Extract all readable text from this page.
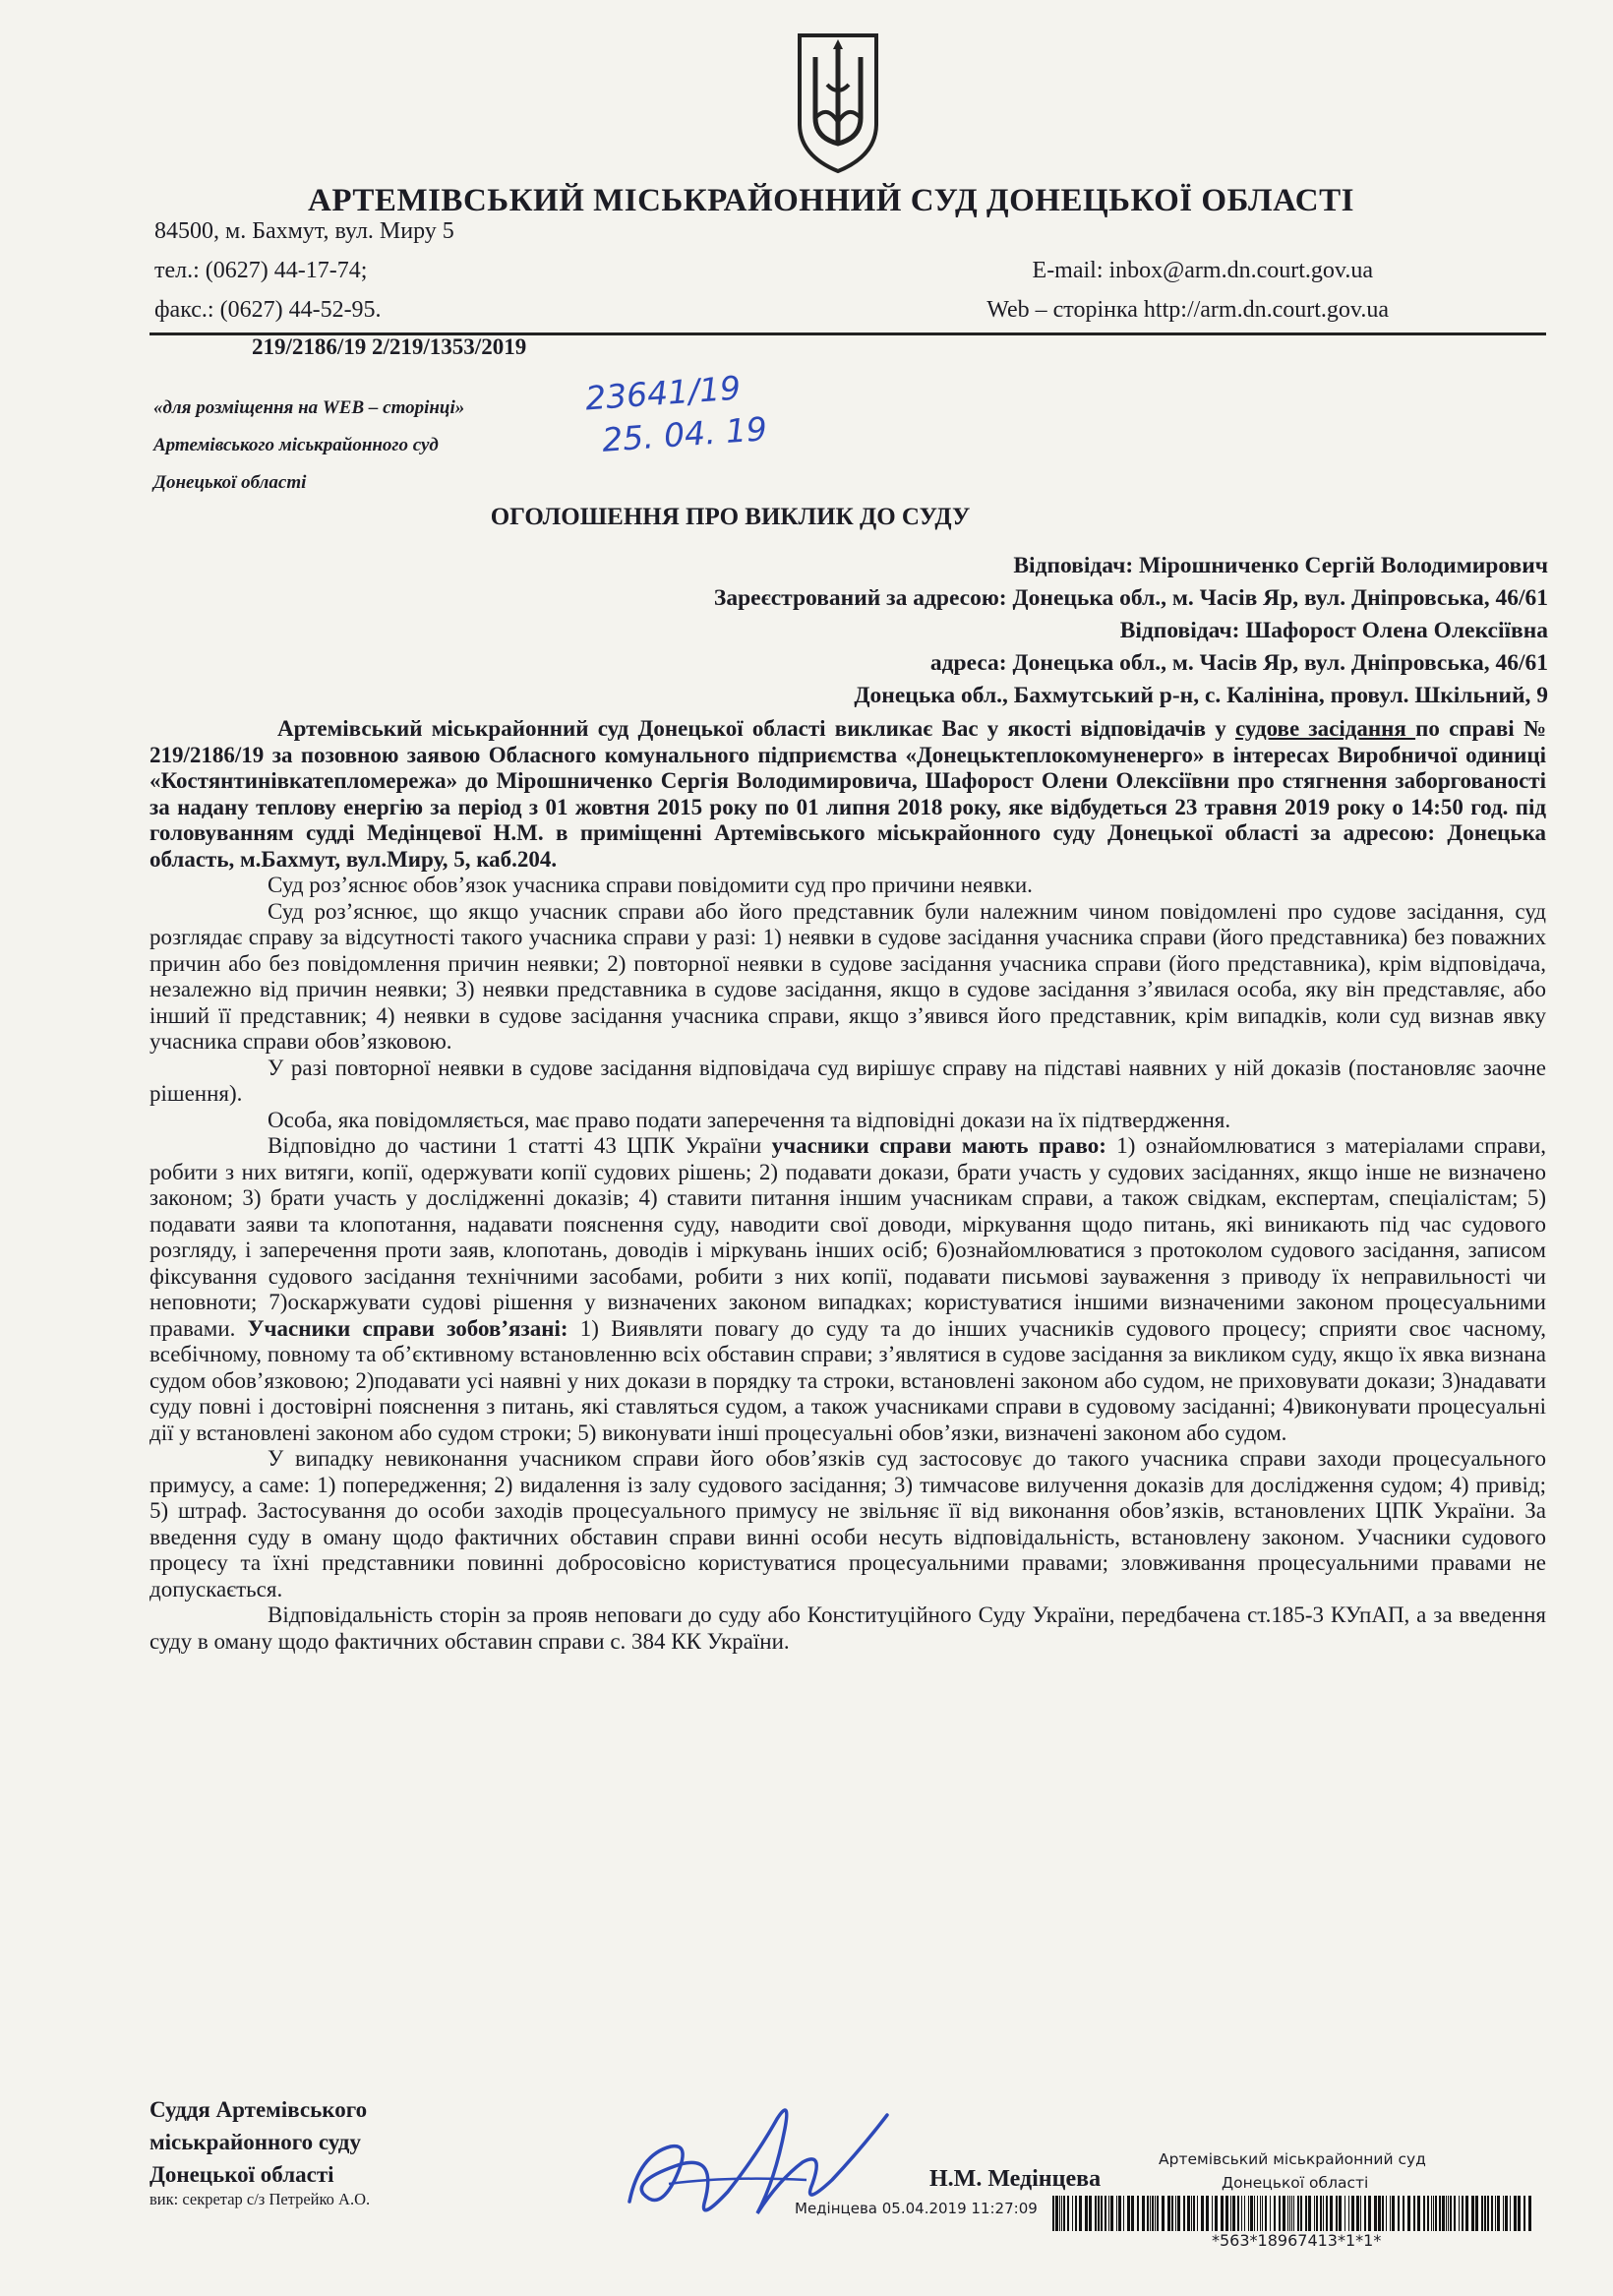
АРТЕМІВСЬКИЙ МІСЬКРАЙОННИЙ СУД ДОНЕЦЬКОЇ ОБЛАСТІ
84500, м. Бахмут, вул. Миру 5
тел.: (0627) 44-17-74;
факс.: (0627) 44-52-95.
E-mail: inbox@arm.dn.court.gov.ua
Web – сторінка http://arm.dn.court.gov.ua
219/2186/19 2/219/1353/2019
«для розміщення на WEB – сторінці»
Артемівського міськрайонного суд
Донецької області
23641/19
25. 04. 19
ОГОЛОШЕННЯ ПРО ВИКЛИК ДО СУДУ
Відповідач: Мірошниченко Сергій Володимирович
Зареєстрований за адресою: Донецька обл., м. Часів Яр, вул. Дніпровська, 46/61
Відповідач: Шафорост Олена Олексіївна
адреса: Донецька обл., м. Часів Яр, вул. Дніпровська, 46/61
Донецька обл., Бахмутський р-н, с. Калініна, провул. Шкільний, 9

Артемівський міськрайонний суд Донецької області викликає Вас у якості відповідачів у судове засідання по справі № 219/2186/19 за позовною заявою Обласного комунального підприємства «Донецьктеплокомуненерго» в інтересах Виробничої одиниці «Костянтинівкатепломережа» до Мірошниченко Сергія Володимировича, Шафорост Олени Олексіївни про стягнення заборгованості за надану теплову енергію за період з 01 жовтня 2015 року по 01 липня 2018 року, яке відбудеться 23 травня 2019 року о 14:50 год. під головуванням судді Медінцевої Н.М. в приміщенні Артемівського міськрайонного суду Донецької області за адресою: Донецька область, м.Бахмут, вул.Миру, 5, каб.204.

Суд роз’яснює обов’язок учасника справи повідомити суд про причини неявки.

Суд роз’яснює, що якщо учасник справи або його представник були належним чином повідомлені про судове засідання, суд розглядає справу за відсутності такого учасника справи у разі: 1) неявки в судове засідання учасника справи (його представника) без поважних причин або без повідомлення причин неявки; 2) повторної неявки в судове засідання учасника справи (його представника), крім відповідача, незалежно від причин неявки; 3) неявки представника в судове засідання, якщо в судове засідання з’явилася особа, яку він представляє, або інший її представник; 4) неявки в судове засідання учасника справи, якщо з’явився його представник, крім випадків, коли суд визнав явку учасника справи обов’язковою.

У разі повторної неявки в судове засідання відповідача суд вирішує справу на підставі наявних у ній доказів (постановляє заочне рішення).

Особа, яка повідомляється, має право подати заперечення та відповідні докази на їх підтвердження.

Відповідно до частини 1 статті 43 ЦПК України учасники справи мають право: 1) ознайомлюватися з матеріалами справи, робити з них витяги, копії, одержувати копії судових рішень; 2) подавати докази, брати участь у судових засіданнях, якщо інше не визначено законом; 3) брати участь у дослідженні доказів; 4) ставити питання іншим учасникам справи, а також свідкам, експертам, спеціалістам; 5) подавати заяви та клопотання, надавати пояснення суду, наводити свої доводи, міркування щодо питань, які виникають під час судового розгляду, і заперечення проти заяв, клопотань, доводів і міркувань інших осіб; 6)ознайомлюватися з протоколом судового засідання, записом фіксування судового засідання технічними засобами, робити з них копії, подавати письмові зауваження з приводу їх неправильності чи неповноти; 7)оскаржувати судові рішення у визначених законом випадках; користуватися іншими визначеними законом процесуальними правами. Учасники справи зобов’язані: 1) Виявляти повагу до суду та до інших учасників судового процесу; сприяти своє часному, всебічному, повному та об’єктивному встановленню всіх обставин справи; з’являтися в судове засідання за викликом суду, якщо їх явка визнана судом обов’язковою; 2)подавати усі наявні у них докази в порядку та строки, встановлені законом або судом, не приховувати докази; 3)надавати суду повні і достовірні пояснення з питань, які ставляться судом, а також учасниками справи в судовому засіданні; 4)виконувати процесуальні дії у встановлені законом або судом строки; 5) виконувати інші процесуальні обов’язки, визначені законом або судом.

У випадку невиконання учасником справи його обов’язків суд застосовує до такого учасника справи заходи процесуального примусу, а саме: 1) попередження; 2) видалення із залу судового засідання; 3) тимчасове вилучення доказів для дослідження судом; 4) привід; 5) штраф. Застосування до особи заходів процесуального примусу не звільняє її від виконання обов’язків, встановлених ЦПК України. За введення суду в оману щодо фактичних обставин справи винні особи несуть відповідальність, встановлену законом. Учасники судового процесу та їхні представники повинні добросовісно користуватися процесуальними правами; зловживання процесуальними правами не допускається.

Відповідальність сторін за прояв неповаги до суду або Конституційного Суду України, передбачена ст.185-3 КУпАП, а за введення суду в оману щодо фактичних обставин справи с. 384 КК України.

Суддя Артемівського
міськрайонного суду
Донецької області
вик: секретар с/з Петрейко А.О.
Н.М. Медінцева
Артемівський міськрайонний суд
Донецької області
Медінцева 05.04.2019 11:27:09
*563*18967413*1*1*
